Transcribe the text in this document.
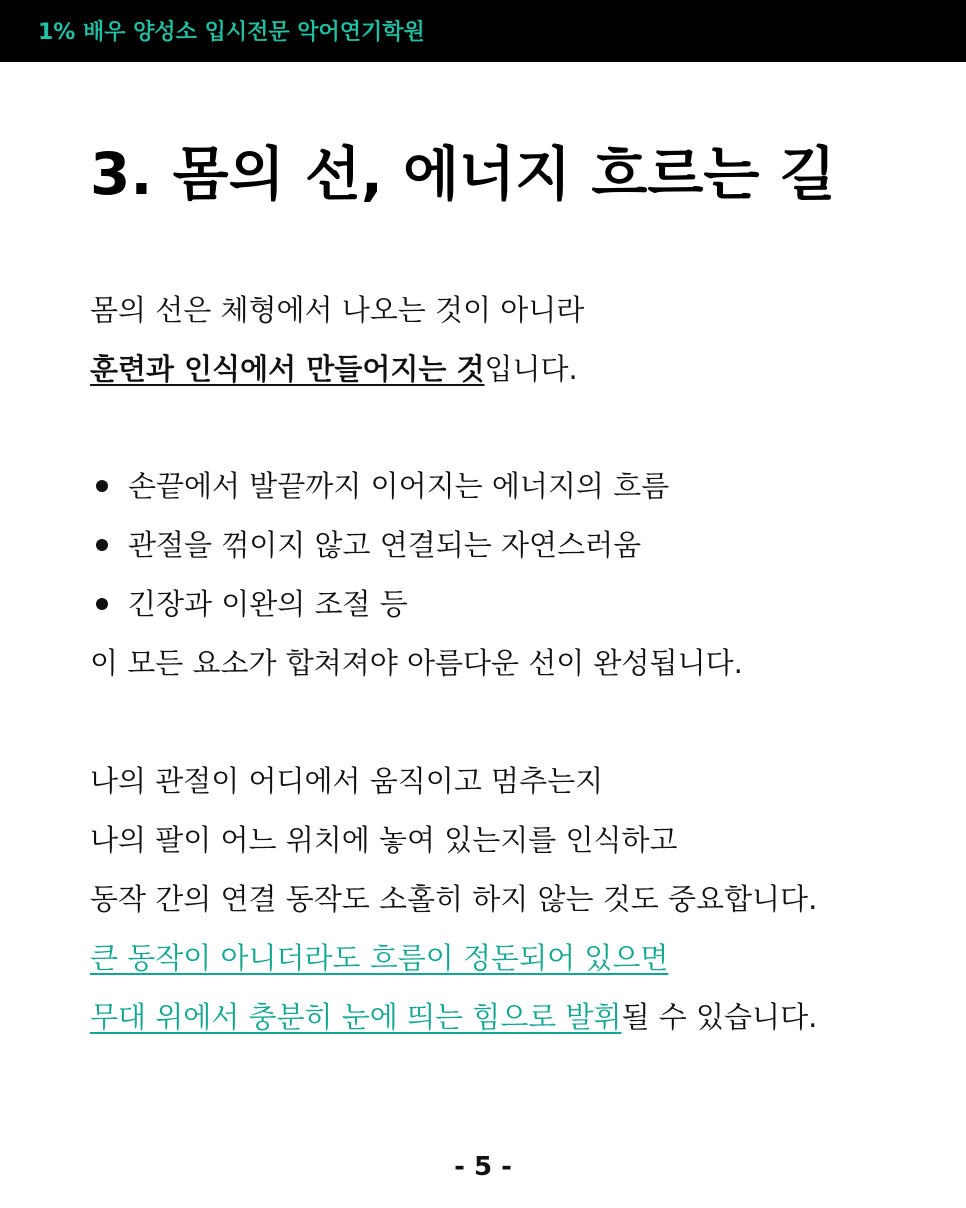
1% 배우 양성소 입시전문 악어연기학원
3. 몸의 선, 에너지 흐르는 길

몸의 선은 체형에서 나오는 것이 아니라

훈련과 인식에서 만들어지는 것입니다.

손끝에서 발끝까지 이어지는 에너지의 흐름
관절을 꺾이지 않고 연결되는 자연스러움
긴장과 이완의 조절 등

이 모든 요소가 합쳐져야 아름다운 선이 완성됩니다.

나의 관절이 어디에서 움직이고 멈추는지

나의 팔이 어느 위치에 놓여 있는지를 인식하고

동작 간의 연결 동작도 소홀히 하지 않는 것도 중요합니다.

큰 동작이 아니더라도 흐름이 정돈되어 있으면

무대 위에서 충분히 눈에 띄는 힘으로 발휘될 수 있습니다.

- 5 -
